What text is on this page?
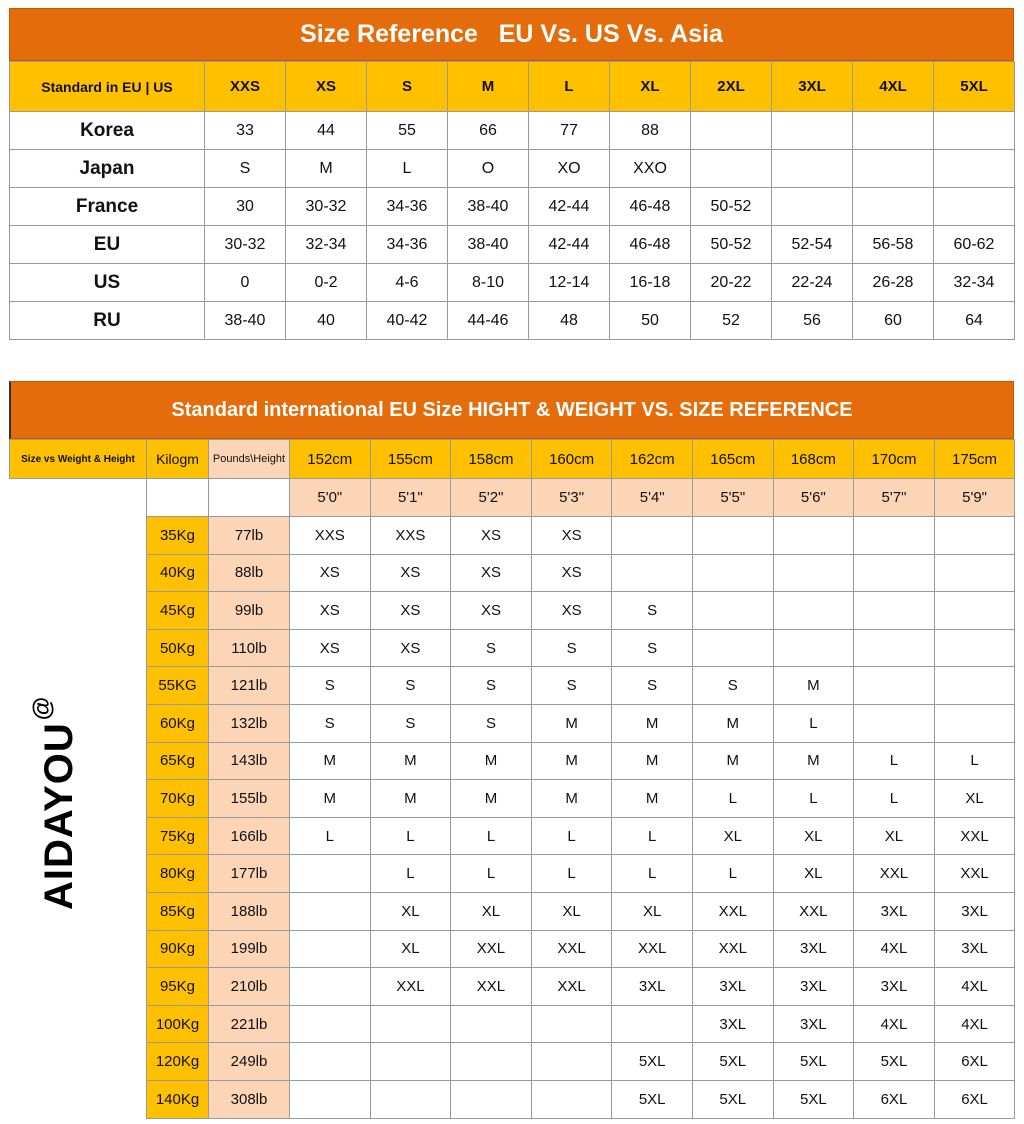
Size Reference   EU Vs. US Vs. Asia
Standard in EU | US	XXS	XS	S	M	L	XL	2XL	3XL	4XL	5XL
Korea	33	44	55	66	77	88				
Japan	S	M	L	O	XO	XXO				
France	30	30-32	34-36	38-40	42-44	46-48	50-52			
EU	30-32	32-34	34-36	38-40	42-44	46-48	50-52	52-54	56-58	60-62
US	0	0-2	4-6	8-10	12-14	16-18	20-22	22-24	26-28	32-34
RU	38-40	40	40-42	44-46	48	50	52	56	60	64
Standard international EU Size HIGHT & WEIGHT VS. SIZE REFERENCE
Size vs Weight & Height	Kilogm	Pounds\Height	152cm	155cm	158cm	160cm	162cm	165cm	168cm	170cm	175cm
			5'0"	5'1"	5'2"	5'3"	5'4"	5'5"	5'6"	5'7"	5'9"
	35Kg	77lb	XXS	XXS	XS	XS					
	40Kg	88lb	XS	XS	XS	XS					
	45Kg	99lb	XS	XS	XS	XS	S				
	50Kg	110lb	XS	XS	S	S	S				
	55KG	121lb	S	S	S	S	S	S	M		
	60Kg	132lb	S	S	S	M	M	M	L		
	65Kg	143lb	M	M	M	M	M	M	M	L	L
	70Kg	155lb	M	M	M	M	M	L	L	L	XL
	75Kg	166lb	L	L	L	L	L	XL	XL	XL	XXL
	80Kg	177lb		L	L	L	L	L	XL	XXL	XXL
	85Kg	188lb		XL	XL	XL	XL	XXL	XXL	3XL	3XL
	90Kg	199lb		XL	XXL	XXL	XXL	XXL	3XL	4XL	3XL
	95Kg	210lb		XXL	XXL	XXL	3XL	3XL	3XL	3XL	4XL
	100Kg	221lb						3XL	3XL	4XL	4XL
	120Kg	249lb					5XL	5XL	5XL	5XL	6XL
	140Kg	308lb					5XL	5XL	5XL	6XL	6XL
AIDAYOU@
